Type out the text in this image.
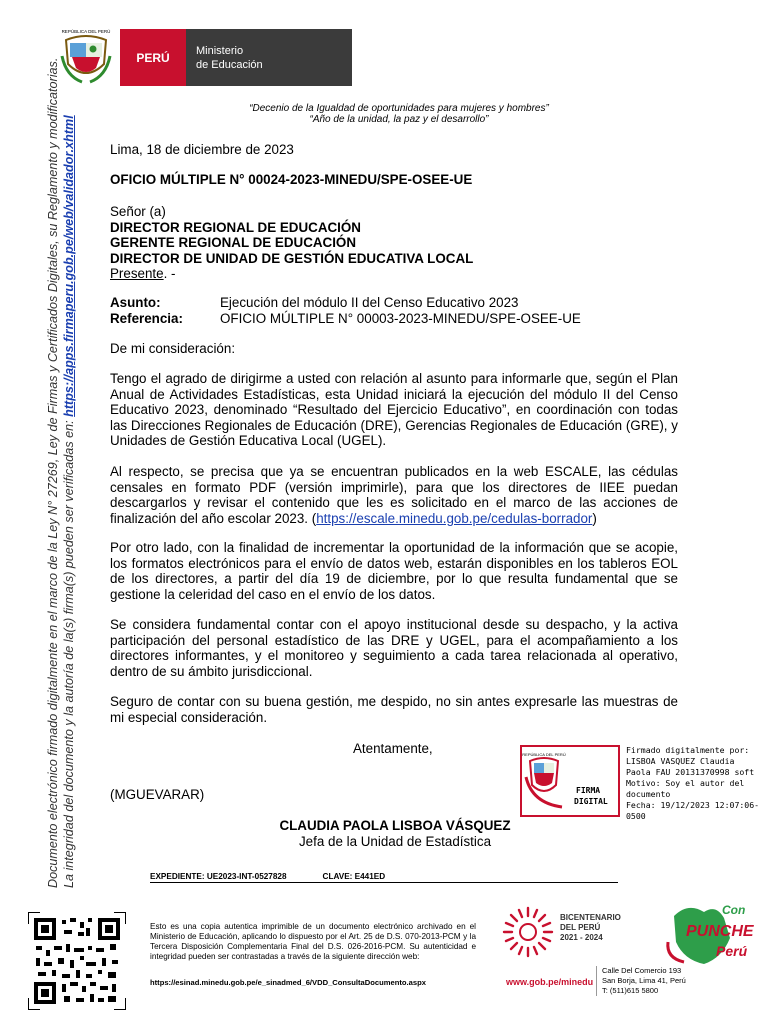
REPÚBLICA DEL PERÚ
PERÚ Ministerio
de Educación
“Decenio de la Igualdad de oportunidades para mujeres y hombres”
“Año de la unidad, la paz y el desarrollo”
Documento electrónico firmado digitalmente en el marco de la Ley N° 27269, Ley de Firmas y Certificados Digitales, su Reglamento y modificatorias. La integridad del documento y la autoría de la(s) firma(s) pueden ser verificadas en: https://apps.firmaperu.gob.pe/web/validador.xhtml	Lima, 18 de diciembre de 2023
OFICIO MÚLTIPLE N° 00024-2023-MINEDU/SPE-OSEE-UE
Señor (a)
DIRECTOR REGIONAL DE EDUCACIÓN
GERENTE REGIONAL DE EDUCACIÓN
DIRECTOR DE UNIDAD DE GESTIÓN EDUCATIVA LOCAL
Presente. -
Asunto:	Ejecución del módulo II del Censo Educativo 2023
Referencia:	OFICIO MÚLTIPLE N° 00003-2023-MINEDU/SPE-OSEE-UE
De mi consideración:
Tengo el agrado de dirigirme a usted con relación al asunto para informarle que, según el Plan Anual de Actividades Estadísticas, esta Unidad iniciará la ejecución del módulo II del Censo Educativo 2023, denominado “Resultado del Ejercicio Educativo”, en coordinación con todas las Direcciones Regionales de Educación (DRE), Gerencias Regionales de Educación (GRE), y Unidades de Gestión Educativa Local (UGEL).
Al respecto, se precisa que ya se encuentran publicados en la web ESCALE, las cédulas censales en formato PDF (versión imprimirle), para que los directores de IIEE puedan descargarlos y revisar el contenido que les es solicitado en el marco de las acciones de finalización del año escolar 2023. (https://escale.minedu.gob.pe/cedulas-borrador)
Por otro lado, con la finalidad de incrementar la oportunidad de la información que se acopie, los formatos electrónicos para el envío de datos web, estarán disponibles en los tableros EOL de los directores, a partir del día 19 de diciembre, por lo que resulta fundamental que se gestione la celeridad del caso en el envío de los datos.
Se considera fundamental contar con el apoyo institucional desde su despacho, y la activa participación del personal estadístico de las DRE y UGEL, para el acompañamiento a los directores informantes, y el monitoreo y seguimiento a cada tarea relacionada al operativo, dentro de su ámbito jurisdiccional.
Seguro de contar con su buena gestión, me despido, no sin antes expresarle las muestras de mi especial consideración.
Atentamente,
(MGUEVARAR)
CLAUDIA PAOLA LISBOA VÁSQUEZ
Jefa de la Unidad de Estadística
REPÚBLICA DEL PERÚ
FIRMA
DIGITAL
Firmado digitalmente por:
LISBOA VASQUEZ Claudia
Paola FAU 20131370998 soft
Motivo: Soy el autor del
documento
Fecha: 19/12/2023 12:07:06-0500
EXPEDIENTE: UE2023-INT-0527828	CLAVE: E441ED
Esto es una copia autentica imprimible de un documento electrónico archivado en el Ministerio de Educación, aplicando lo dispuesto por el Art. 25 de D.S. 070-2013-PCM y la Tercera Disposición Complementaria Final del D.S. 026-2016-PCM. Su autenticidad e integridad pueden ser contrastadas a través de la siguiente dirección web:
https://esinad.minedu.gob.pe/e_sinadmed_6/VDD_ConsultaDocumento.aspx
BICENTENARIO
DEL PERÚ
2021 - 2024
Con
PUNCHE
Perú
www.gob.pe/minedu
Calle Del Comercio 193
San Borja, Lima 41, Perú
T: (511)615 5800
